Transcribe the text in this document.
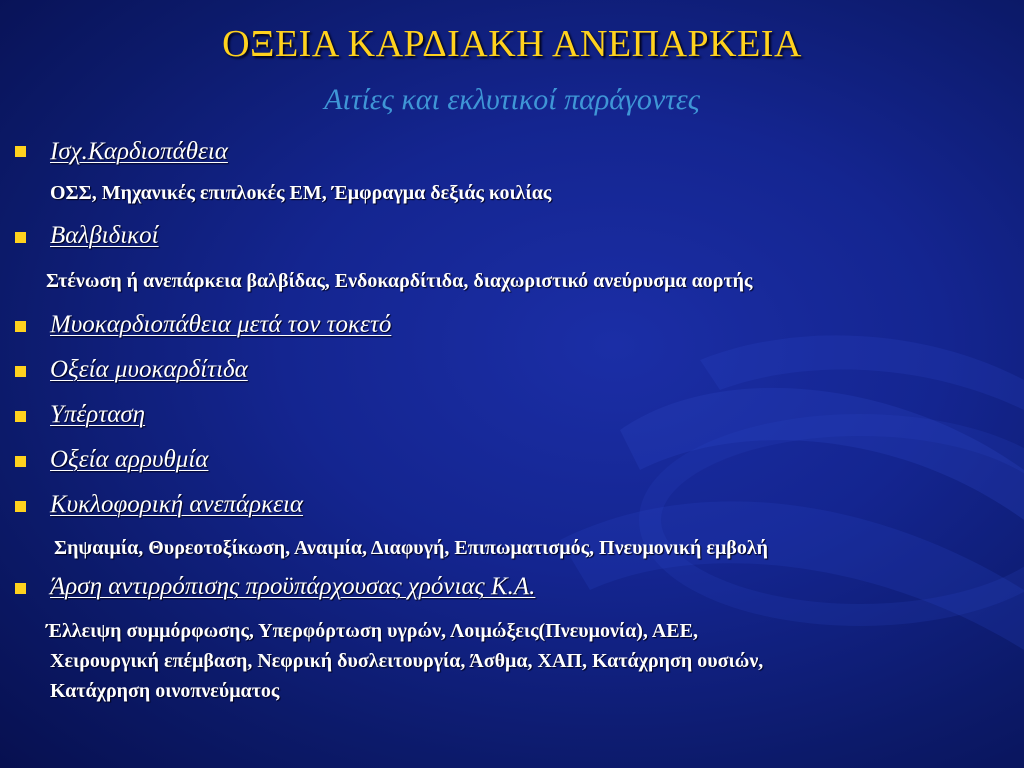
ΟΞΕΙΑ ΚΑΡΔΙΑΚΗ ΑΝΕΠΑΡΚΕΙΑ
Αιτίες και εκλυτικοί παράγοντες
Ισχ.Καρδιοπάθεια
ΟΣΣ, Μηχανικές επιπλοκές ΕΜ, Έμφραγμα δεξιάς κοιλίας
Βαλβιδικοί
Στένωση ή ανεπάρκεια βαλβίδας, Ενδοκαρδίτιδα, διαχωριστικό ανεύρυσμα αορτής
Μυοκαρδιοπάθεια μετά τον τοκετό
Οξεία μυοκαρδίτιδα
Υπέρταση
Οξεία αρρυθμία
Κυκλοφορική ανεπάρκεια
Σηψαιμία, Θυρεοτοξίκωση, Αναιμία, Διαφυγή, Επιπωματισμός, Πνευμονική εμβολή
Άρση αντιρρόπισης προϋπάρχουσας χρόνιας Κ.Α.
Έλλειψη συμμόρφωσης, Υπερφόρτωση υγρών, Λοιμώξεις(Πνευμονία), ΑΕΕ,
Χειρουργική επέμβαση, Νεφρική δυσλειτουργία, Άσθμα, ΧΑΠ, Κατάχρηση ουσιών,
Κατάχρηση οινοπνεύματος
